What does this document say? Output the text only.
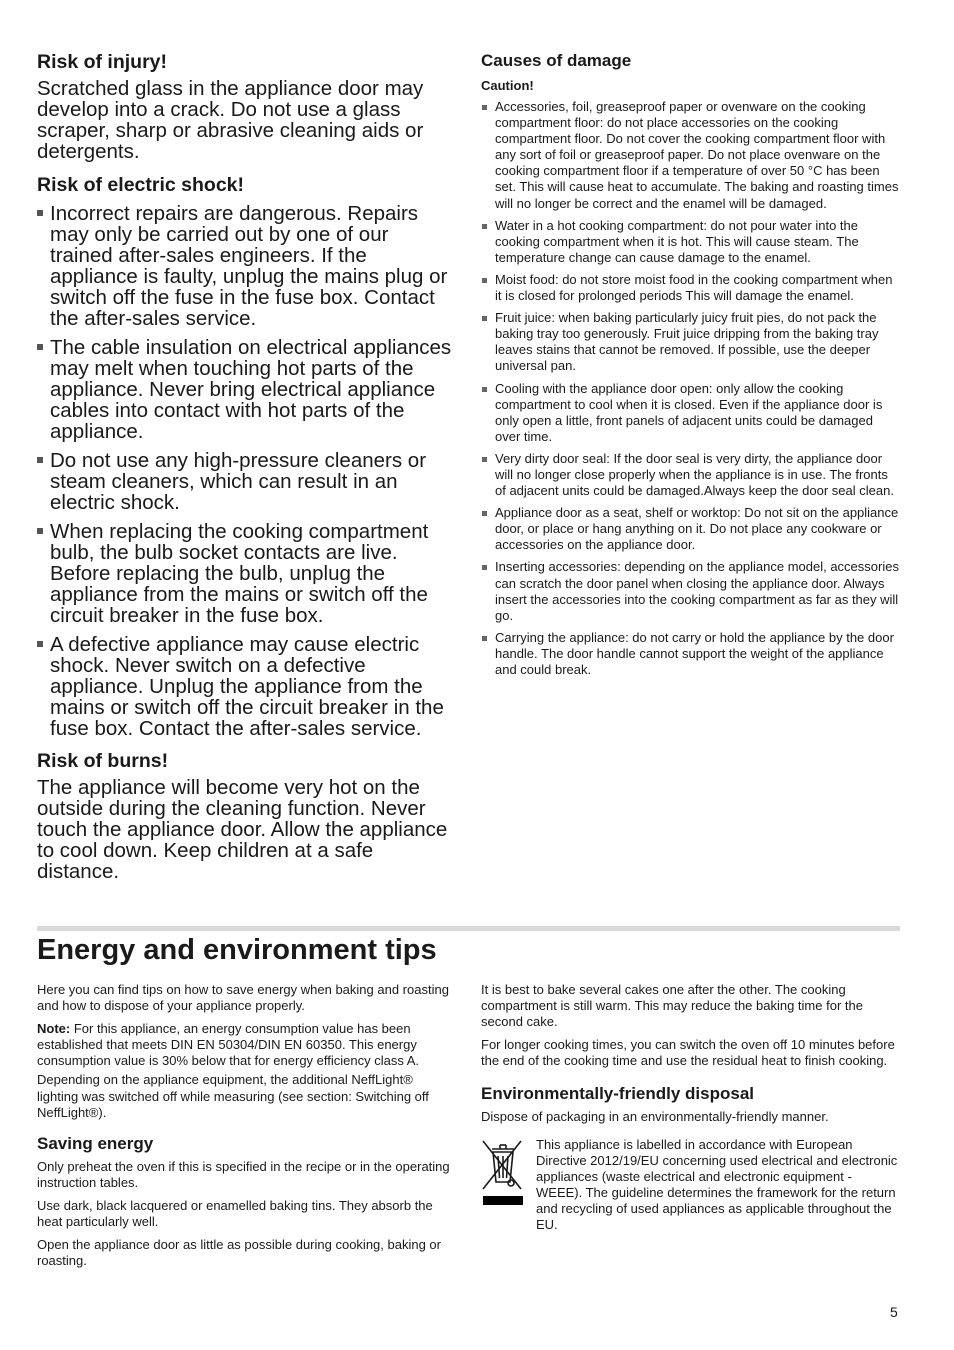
Risk of injury!

Scratched glass in the appliance door may develop into a crack. Do not use a glass scraper, sharp or abrasive cleaning aids or detergents.

Risk of electric shock!
Incorrect repairs are dangerous. Repairs may only be carried out by one of our trained after-sales engineers. If the appliance is faulty, unplug the mains plug or switch off the fuse in the fuse box. Contact the after-sales service.
The cable insulation on electrical appliances may melt when touching hot parts of the appliance. Never bring electrical appliance cables into contact with hot parts of the appliance.
Do not use any high-pressure cleaners or steam cleaners, which can result in an electric shock.
When replacing the cooking compartment bulb, the bulb socket contacts are live. Before replacing the bulb, unplug the appliance from the mains or switch off the circuit breaker in the fuse box.
A defective appliance may cause electric shock. Never switch on a defective appliance. Unplug the appliance from the mains or switch off the circuit breaker in the fuse box. Contact the after-sales service.
Risk of burns!

The appliance will become very hot on the outside during the cleaning function. Never touch the appliance door. Allow the appliance to cool down. Keep children at a safe distance.

Causes of damage
Caution!
Accessories, foil, greaseproof paper or ovenware on the cooking compartment floor: do not place accessories on the cooking compartment floor. Do not cover the cooking compartment floor with any sort of foil or greaseproof paper. Do not place ovenware on the cooking compartment floor if a temperature of over 50 °C has been set. This will cause heat to accumulate. The baking and roasting times will no longer be correct and the enamel will be damaged.
Water in a hot cooking compartment: do not pour water into the cooking compartment when it is hot. This will cause steam. The temperature change can cause damage to the enamel.
Moist food: do not store moist food in the cooking compartment when it is closed for prolonged periods This will damage the enamel.
Fruit juice: when baking particularly juicy fruit pies, do not pack the baking tray too generously. Fruit juice dripping from the baking tray leaves stains that cannot be removed. If possible, use the deeper universal pan.
Cooling with the appliance door open: only allow the cooking compartment to cool when it is closed. Even if the appliance door is only open a little, front panels of adjacent units could be damaged over time.
Very dirty door seal: If the door seal is very dirty, the appliance door will no longer close properly when the appliance is in use. The fronts of adjacent units could be damaged.Always keep the door seal clean.
Appliance door as a seat, shelf or worktop: Do not sit on the appliance door, or place or hang anything on it. Do not place any cookware or accessories on the appliance door.
Inserting accessories: depending on the appliance model, accessories can scratch the door panel when closing the appliance door. Always insert the accessories into the cooking compartment as far as they will go.
Carrying the appliance: do not carry or hold the appliance by the door handle. The door handle cannot support the weight of the appliance and could break.
Energy and environment tips

Here you can find tips on how to save energy when baking and roasting and how to dispose of your appliance properly.

Note: For this appliance, an energy consumption value has been established that meets DIN EN 50304/DIN EN 60350. This energy consumption value is 30% below that for energy efficiency class A.

Depending on the appliance equipment, the additional NeffLight® lighting was switched off while measuring (see section: Switching off NeffLight®).

Saving energy

Only preheat the oven if this is specified in the recipe or in the operating instruction tables.

Use dark, black lacquered or enamelled baking tins. They absorb the heat particularly well.

Open the appliance door as little as possible during cooking, baking or roasting.

It is best to bake several cakes one after the other. The cooking compartment is still warm. This may reduce the baking time for the second cake.

For longer cooking times, you can switch the oven off 10 minutes before the end of the cooking time and use the residual heat to finish cooking.

Environmentally-friendly disposal

Dispose of packaging in an environmentally-friendly manner.

This appliance is labelled in accordance with European Directive 2012/19/EU concerning used electrical and electronic appliances (waste electrical and electronic equipment - WEEE). The guideline determines the framework for the return and recycling of used appliances as applicable throughout the EU.

5
